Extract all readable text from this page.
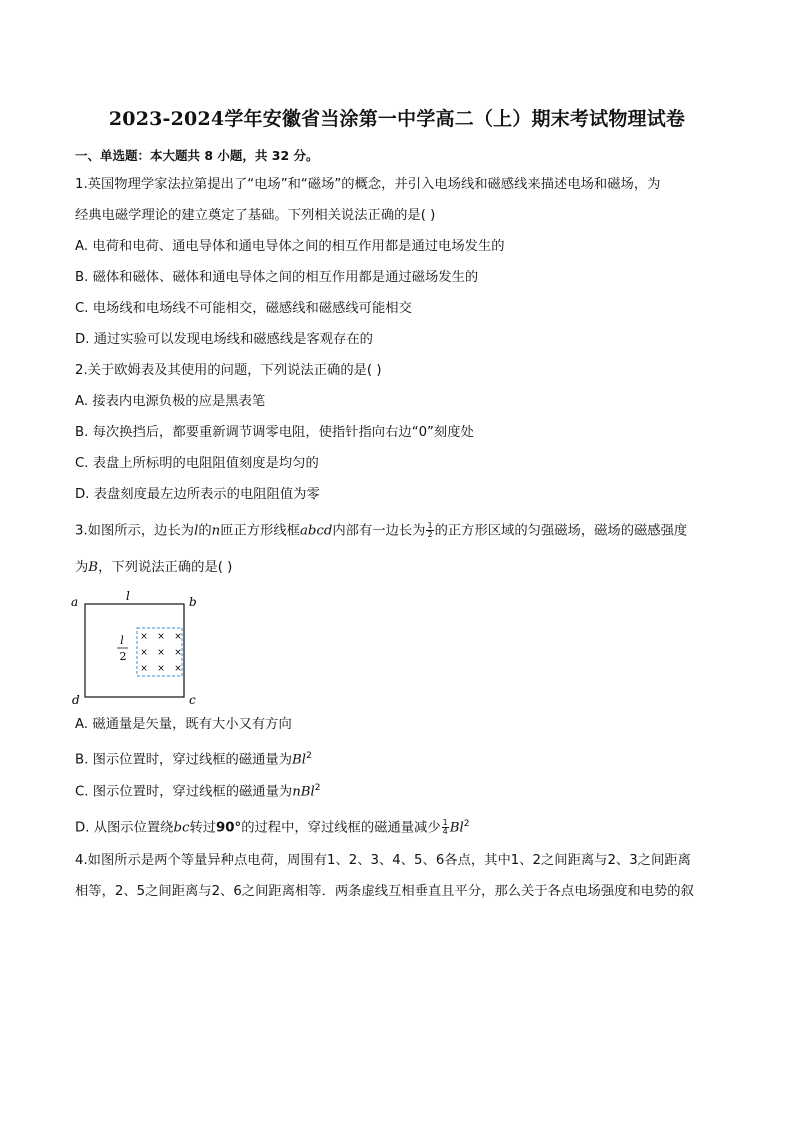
2023-2024学年安徽省当涂第一中学高二（上）期末考试物理试卷
一、单选题：本大题共 8 小题，共 32 分。
1.英国物理学家法拉第提出了“电场”和“磁场”的概念，并引入电场线和磁感线来描述电场和磁场，为
经典电磁学理论的建立奠定了基础。下列相关说法正确的是( )
A. 电荷和电荷、通电导体和通电导体之间的相互作用都是通过电场发生的
B. 磁体和磁体、磁体和通电导体之间的相互作用都是通过磁场发生的
C. 电场线和电场线不可能相交，磁感线和磁感线可能相交
D. 通过实验可以发现电场线和磁感线是客观存在的
2.关于欧姆表及其使用的问题，下列说法正确的是( )
A. 接表内电源负极的应是黑表笔
B. 每次换挡后，都要重新调节调零电阻，使指针指向右边“0”刻度处
C. 表盘上所标明的电阻阻值刻度是均匀的
D. 表盘刻度最左边所表示的电阻阻值为零
3.如图所示，边长为l的n匝正方形线框abcd内部有一边长为 $\frac{1}{2}$ 的正方形区域的匀强磁场，磁场的磁感强度
为B，下列说法正确的是( )
a	b
c
d
l
l
2
× × ×
× × ×
× × ×
A. 磁通量是矢量，既有大小又有方向
B. 图示位置时，穿过线框的磁通量为Bl$^2$
C. 图示位置时，穿过线框的磁通量为nBl$^2$
D. 从图示位置绕bc转过90°的过程中，穿过线框的磁通量减少 $\frac{1}{4} Bl^2$
4.如图所示是两个等量异种点电荷，周围有1、2、3、4、5、6各点，其中1、2之间距离与2、3之间距离
相等，2、5之间距离与2、6之间距离相等．两条虚线互相垂直且平分，那么关于各点电场强度和电势的叙
